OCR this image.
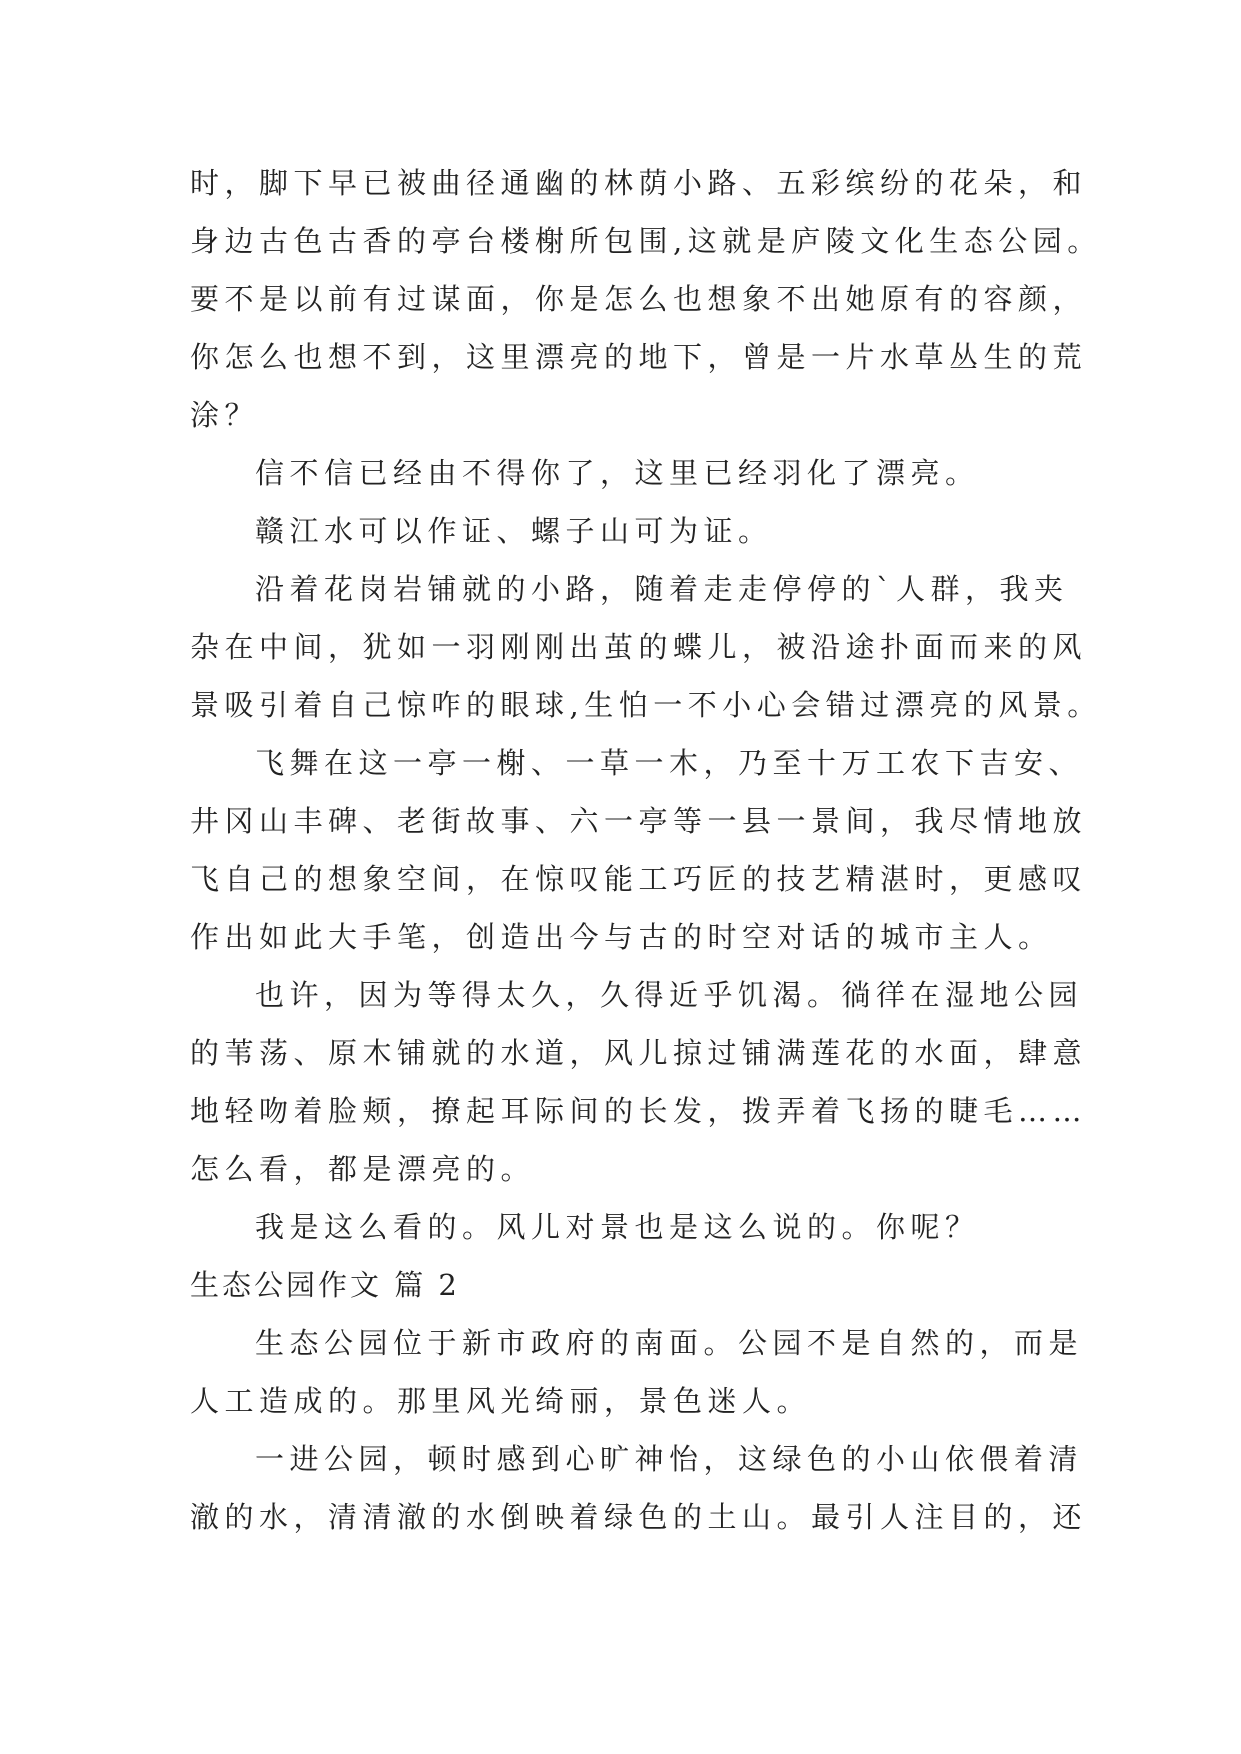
时，脚下早已被曲径通幽的林荫小路、五彩缤纷的花朵，和
身边古色古香的亭台楼榭所包围,这就是庐陵文化生态公园。
要不是以前有过谋面，你是怎么也想象不出她原有的容颜，
你怎么也想不到，这里漂亮的地下，曾是一片水草丛生的荒
涂？
信不信已经由不得你了，这里已经羽化了漂亮。
赣江水可以作证、螺子山可为证。
沿着花岗岩铺就的小路，随着走走停停的`人群，我夹
杂在中间，犹如一羽刚刚出茧的蝶儿，被沿途扑面而来的风
景吸引着自己惊咋的眼球,生怕一不小心会错过漂亮的风景。
飞舞在这一亭一榭、一草一木，乃至十万工农下吉安、
井冈山丰碑、老街故事、六一亭等一县一景间，我尽情地放
飞自己的想象空间，在惊叹能工巧匠的技艺精湛时，更感叹
作出如此大手笔，创造出今与古的时空对话的城市主人。
也许，因为等得太久，久得近乎饥渴。徜徉在湿地公园
的苇荡、原木铺就的水道，风儿掠过铺满莲花的水面，肆意
地轻吻着脸颊，撩起耳际间的长发，拨弄着飞扬的睫毛……
怎么看，都是漂亮的。
我是这么看的。风儿对景也是这么说的。你呢？
生态公园作文 篇 2
生态公园位于新市政府的南面。公园不是自然的，而是
人工造成的。那里风光绮丽，景色迷人。
一进公园，顿时感到心旷神怡，这绿色的小山依偎着清
澈的水，清清澈的水倒映着绿色的土山。最引人注目的，还
